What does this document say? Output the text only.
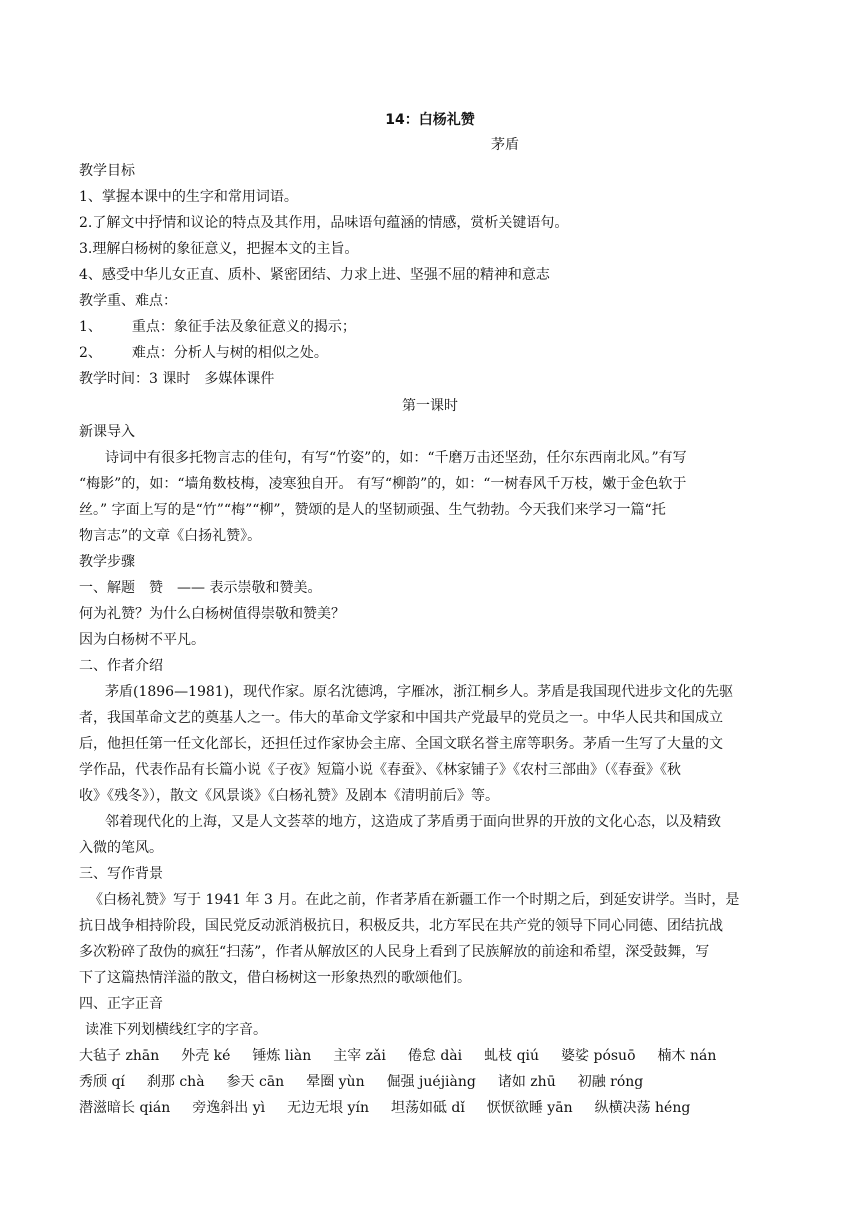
14：白杨礼赞

茅盾

教学目标

1、掌握本课中的生字和常用词语。

2.了解文中抒情和议论的特点及其作用，品味语句蕴涵的情感，赏析关键语句。

3.理解白杨树的象征意义，把握本文的主旨。

4、感受中华儿女正直、质朴、紧密团结、力求上进、坚强不屈的精神和意志

教学重、难点：

1、 重点：象征手法及象征意义的揭示；

2、 难点：分析人与树的相似之处。

教学时间：3 课时　多媒体课件

第一课时

新课导入

诗词中有很多托物言志的佳句，有写“竹姿”的，如：“千磨万击还坚劲，任尔东西南北风。”有写

“梅影”的，如：“墙角数枝梅，凌寒独自开。 有写“柳韵”的，如：“一树春风千万枝，嫩于金色软于

丝。” 字面上写的是“竹”“梅”“柳”，赞颂的是人的坚韧顽强、生气勃勃。今天我们来学习一篇“托

物言志”的文章《白扬礼赞》。

教学步骤

一、解题　赞　—— 表示崇敬和赞美。

何为礼赞？为什么白杨树值得崇敬和赞美？

因为白杨树不平凡。

二、作者介绍

茅盾(1896—1981)，现代作家。原名沈德鸿，字雁冰，浙江桐乡人。茅盾是我国现代进步文化的先驱

者，我国革命文艺的奠基人之一。伟大的革命文学家和中国共产党最早的党员之一。中华人民共和国成立

后，他担任第一任文化部长，还担任过作家协会主席、全国文联名誉主席等职务。茅盾一生写了大量的文

学作品，代表作品有长篇小说《子夜》短篇小说《春蚕》、《林家铺子》《农村三部曲》（《春蚕》《秋

收》《残冬》），散文《风景谈》《白杨礼赞》及剧本《清明前后》等。

邻着现代化的上海，又是人文荟萃的地方，这造成了茅盾勇于面向世界的开放的文化心态，以及精致

入微的笔风。

三、写作背景

《白杨礼赞》写于 1941 年 3 月。在此之前，作者茅盾在新疆工作一个时期之后，到延安讲学。当时，是

抗日战争相持阶段，国民党反动派消极抗日，积极反共，北方军民在共产党的领导下同心同德、团结抗战

多次粉碎了敌伪的疯狂“扫荡”，作者从解放区的人民身上看到了民族解放的前途和希望，深受鼓舞，写

下了这篇热情洋溢的散文，借白杨树这一形象热烈的歌颂他们。

四、正字正音

读准下列划横线红字的字音。

大毡子 zhān 外壳 ké 锤炼 liàn 主宰 zǎi 倦怠 dài 虬枝 qiú 婆娑 pósuō 楠木 nán

秀颀 qí 刹那 chà 参天 cān 晕圈 yùn 倔强 juéjiàng 诸如 zhū 初融 róng

潜滋暗长 qián 旁逸斜出 yì 无边无垠 yín 坦荡如砥 dǐ 恹恹欲睡 yān 纵横决荡 héng
